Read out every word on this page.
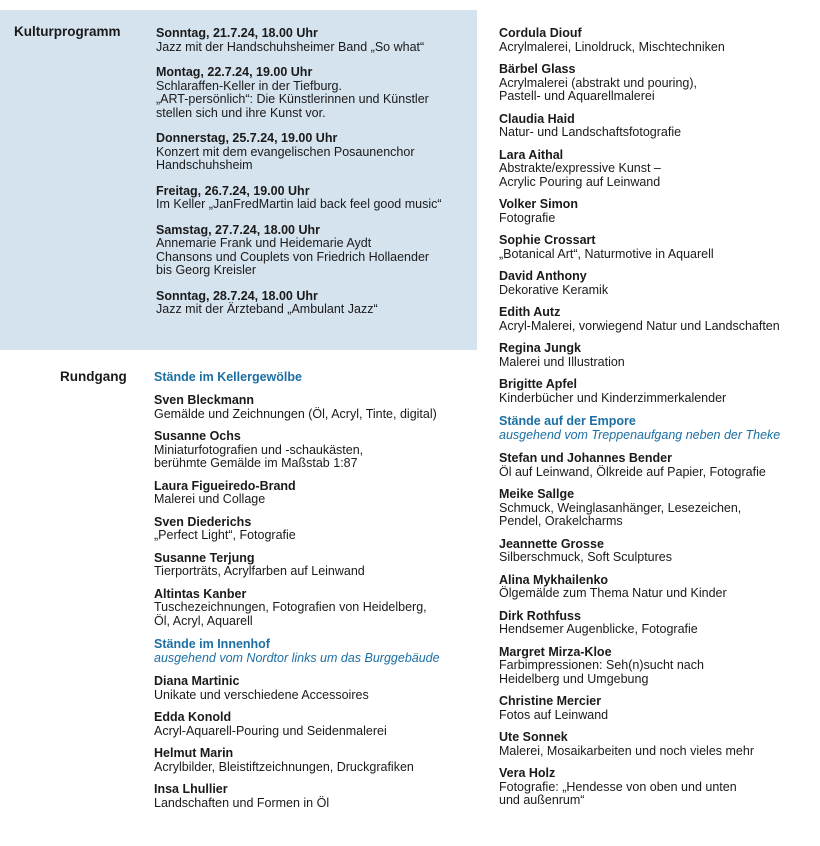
Kulturprogramm	Sonntag, 21.7.24, 18.00 Uhr
Jazz mit der Handschuhsheimer Band „So what“
Montag, 22.7.24, 19.00 Uhr
Schlaraffen-Keller in der Tiefburg.
„ART-persönlich“: Die Künstlerinnen und Künstler
stellen sich und ihre Kunst vor.
Donnerstag, 25.7.24, 19.00 Uhr
Konzert mit dem evangelischen Posaunenchor
Handschuhsheim
Freitag, 26.7.24, 19.00 Uhr
Im Keller „JanFredMartin laid back feel good music“
Samstag, 27.7.24, 18.00 Uhr
Annemarie Frank und Heidemarie Aydt
Chansons und Couplets von Friedrich Hollaender
bis Georg Kreisler
Sonntag, 28.7.24, 18.00 Uhr
Jazz mit der Ärzteband „Ambulant Jazz“
Rundgang Stände im Kellergewölbe
Sven Bleckmann
Gemälde und Zeichnungen (Öl, Acryl, Tinte, digital)
Susanne Ochs
Miniaturfotografien und -schaukästen,
berühmte Gemälde im Maßstab 1:87
Laura Figueiredo-Brand
Malerei und Collage
Sven Diederichs
„Perfect Light“, Fotografie
Susanne Terjung
Tierporträts, Acrylfarben auf Leinwand
Altintas Kanber
Tuschezeichnungen, Fotografien von Heidelberg,
Öl, Acryl, Aquarell
Stände im Innenhof
ausgehend vom Nordtor links um das Burggebäude
Diana Martinic
Unikate und verschiedene Accessoires
Edda Konold
Acryl-Aquarell-Pouring und Seidenmalerei
Helmut Marin
Acrylbilder, Bleistiftzeichnungen, Druckgrafiken
Insa Lhullier
Landschaften und Formen in Öl
Cordula Diouf
Acrylmalerei, Linoldruck, Mischtechniken
Bärbel Glass
Acrylmalerei (abstrakt und pouring),
Pastell- und Aquarellmalerei
Claudia Haid
Natur- und Landschaftsfotografie
Lara Aithal
Abstrakte/expressive Kunst –
Acrylic Pouring auf Leinwand
Volker Simon
Fotografie
Sophie Crossart
„Botanical Art“, Naturmotive in Aquarell
David Anthony
Dekorative Keramik
Edith Autz
Acryl-Malerei, vorwiegend Natur und Landschaften
Regina Jungk
Malerei und Illustration
Brigitte Apfel
Kinderbücher und Kinderzimmerkalender
Stände auf der Empore
ausgehend vom Treppenaufgang neben der Theke
Stefan und Johannes Bender
Öl auf Leinwand, Ölkreide auf Papier, Fotografie
Meike Sallge
Schmuck, Weinglasanhänger, Lesezeichen,
Pendel, Orakelcharms
Jeannette Grosse
Silberschmuck, Soft Sculptures
Alina Mykhailenko
Ölgemälde zum Thema Natur und Kinder
Dirk Rothfuss
Hendsemer Augenblicke, Fotografie
Margret Mirza-Kloe
Farbimpressionen: Seh(n)sucht nach
Heidelberg und Umgebung
Christine Mercier
Fotos auf Leinwand
Ute Sonnek
Malerei, Mosaikarbeiten und noch vieles mehr
Vera Holz
Fotografie: „Hendesse von oben und unten
und außenrum“
